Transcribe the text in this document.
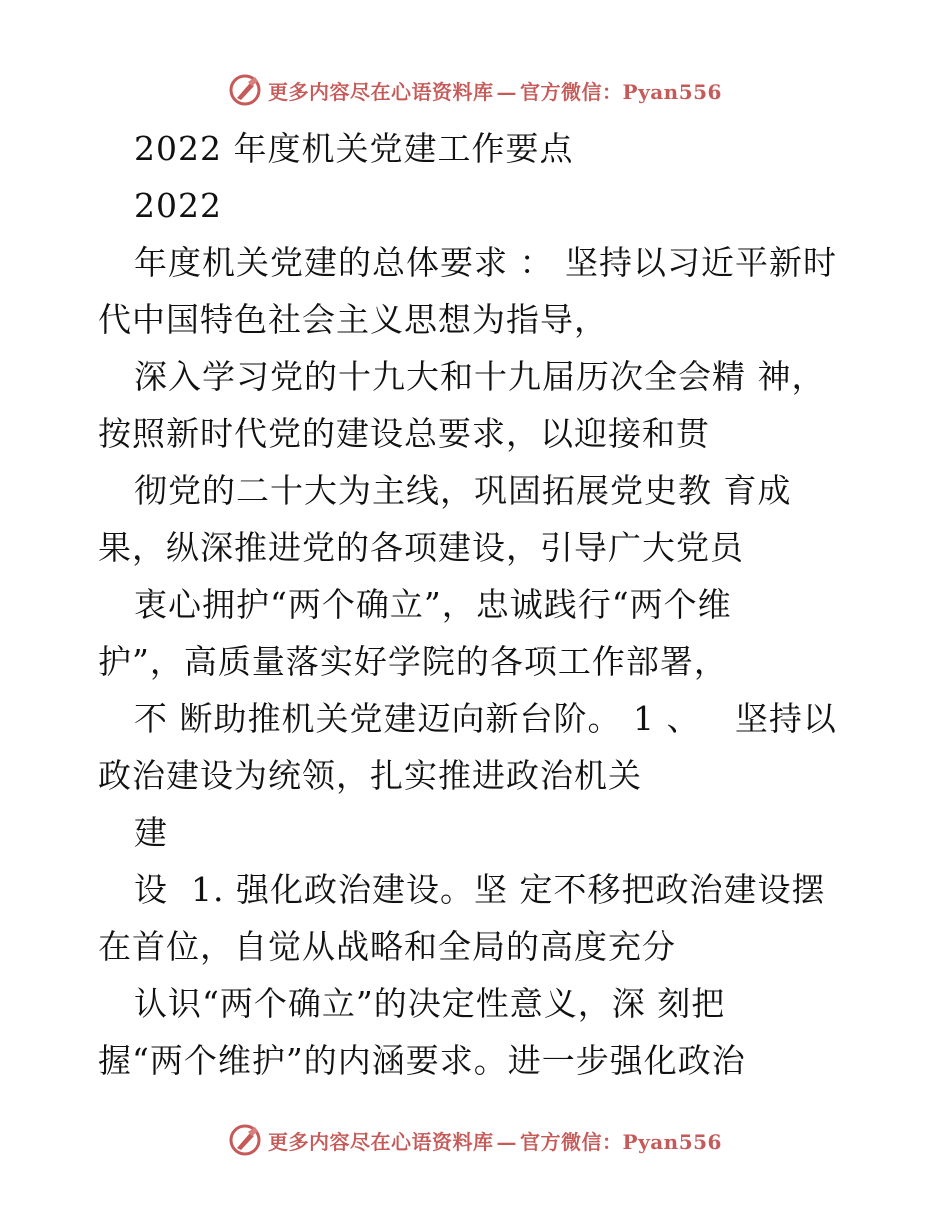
更多内容尽在心语资料库 — 官方微信：Pyan556
2022 年度机关党建工作要点
2022
年度机关党建的总体要求 ： 坚持以习近平新时
代中国特色社会主义思想为指导，
深入学习党的十九大和十九届历次全会精 神，
按照新时代党的建设总要求，以迎接和贯
彻党的二十大为主线，巩固拓展党史教 育成
果，纵深推进党的各项建设，引导广大党员
衷心拥护“两个确立”，忠诚践行“两个维
护”，高质量落实好学院的各项工作部署，
不 断助推机关党建迈向新台阶。 1 、   坚持以
政治建设为统领，扎实推进政治机关
建
设  1. 强化政治建设。坚 定不移把政治建设摆
在首位，自觉从战略和全局的高度充分
认识“两个确立”的决定性意义，深 刻把
握“两个维护”的内涵要求。进一步强化政治
更多内容尽在心语资料库 — 官方微信：Pyan556
